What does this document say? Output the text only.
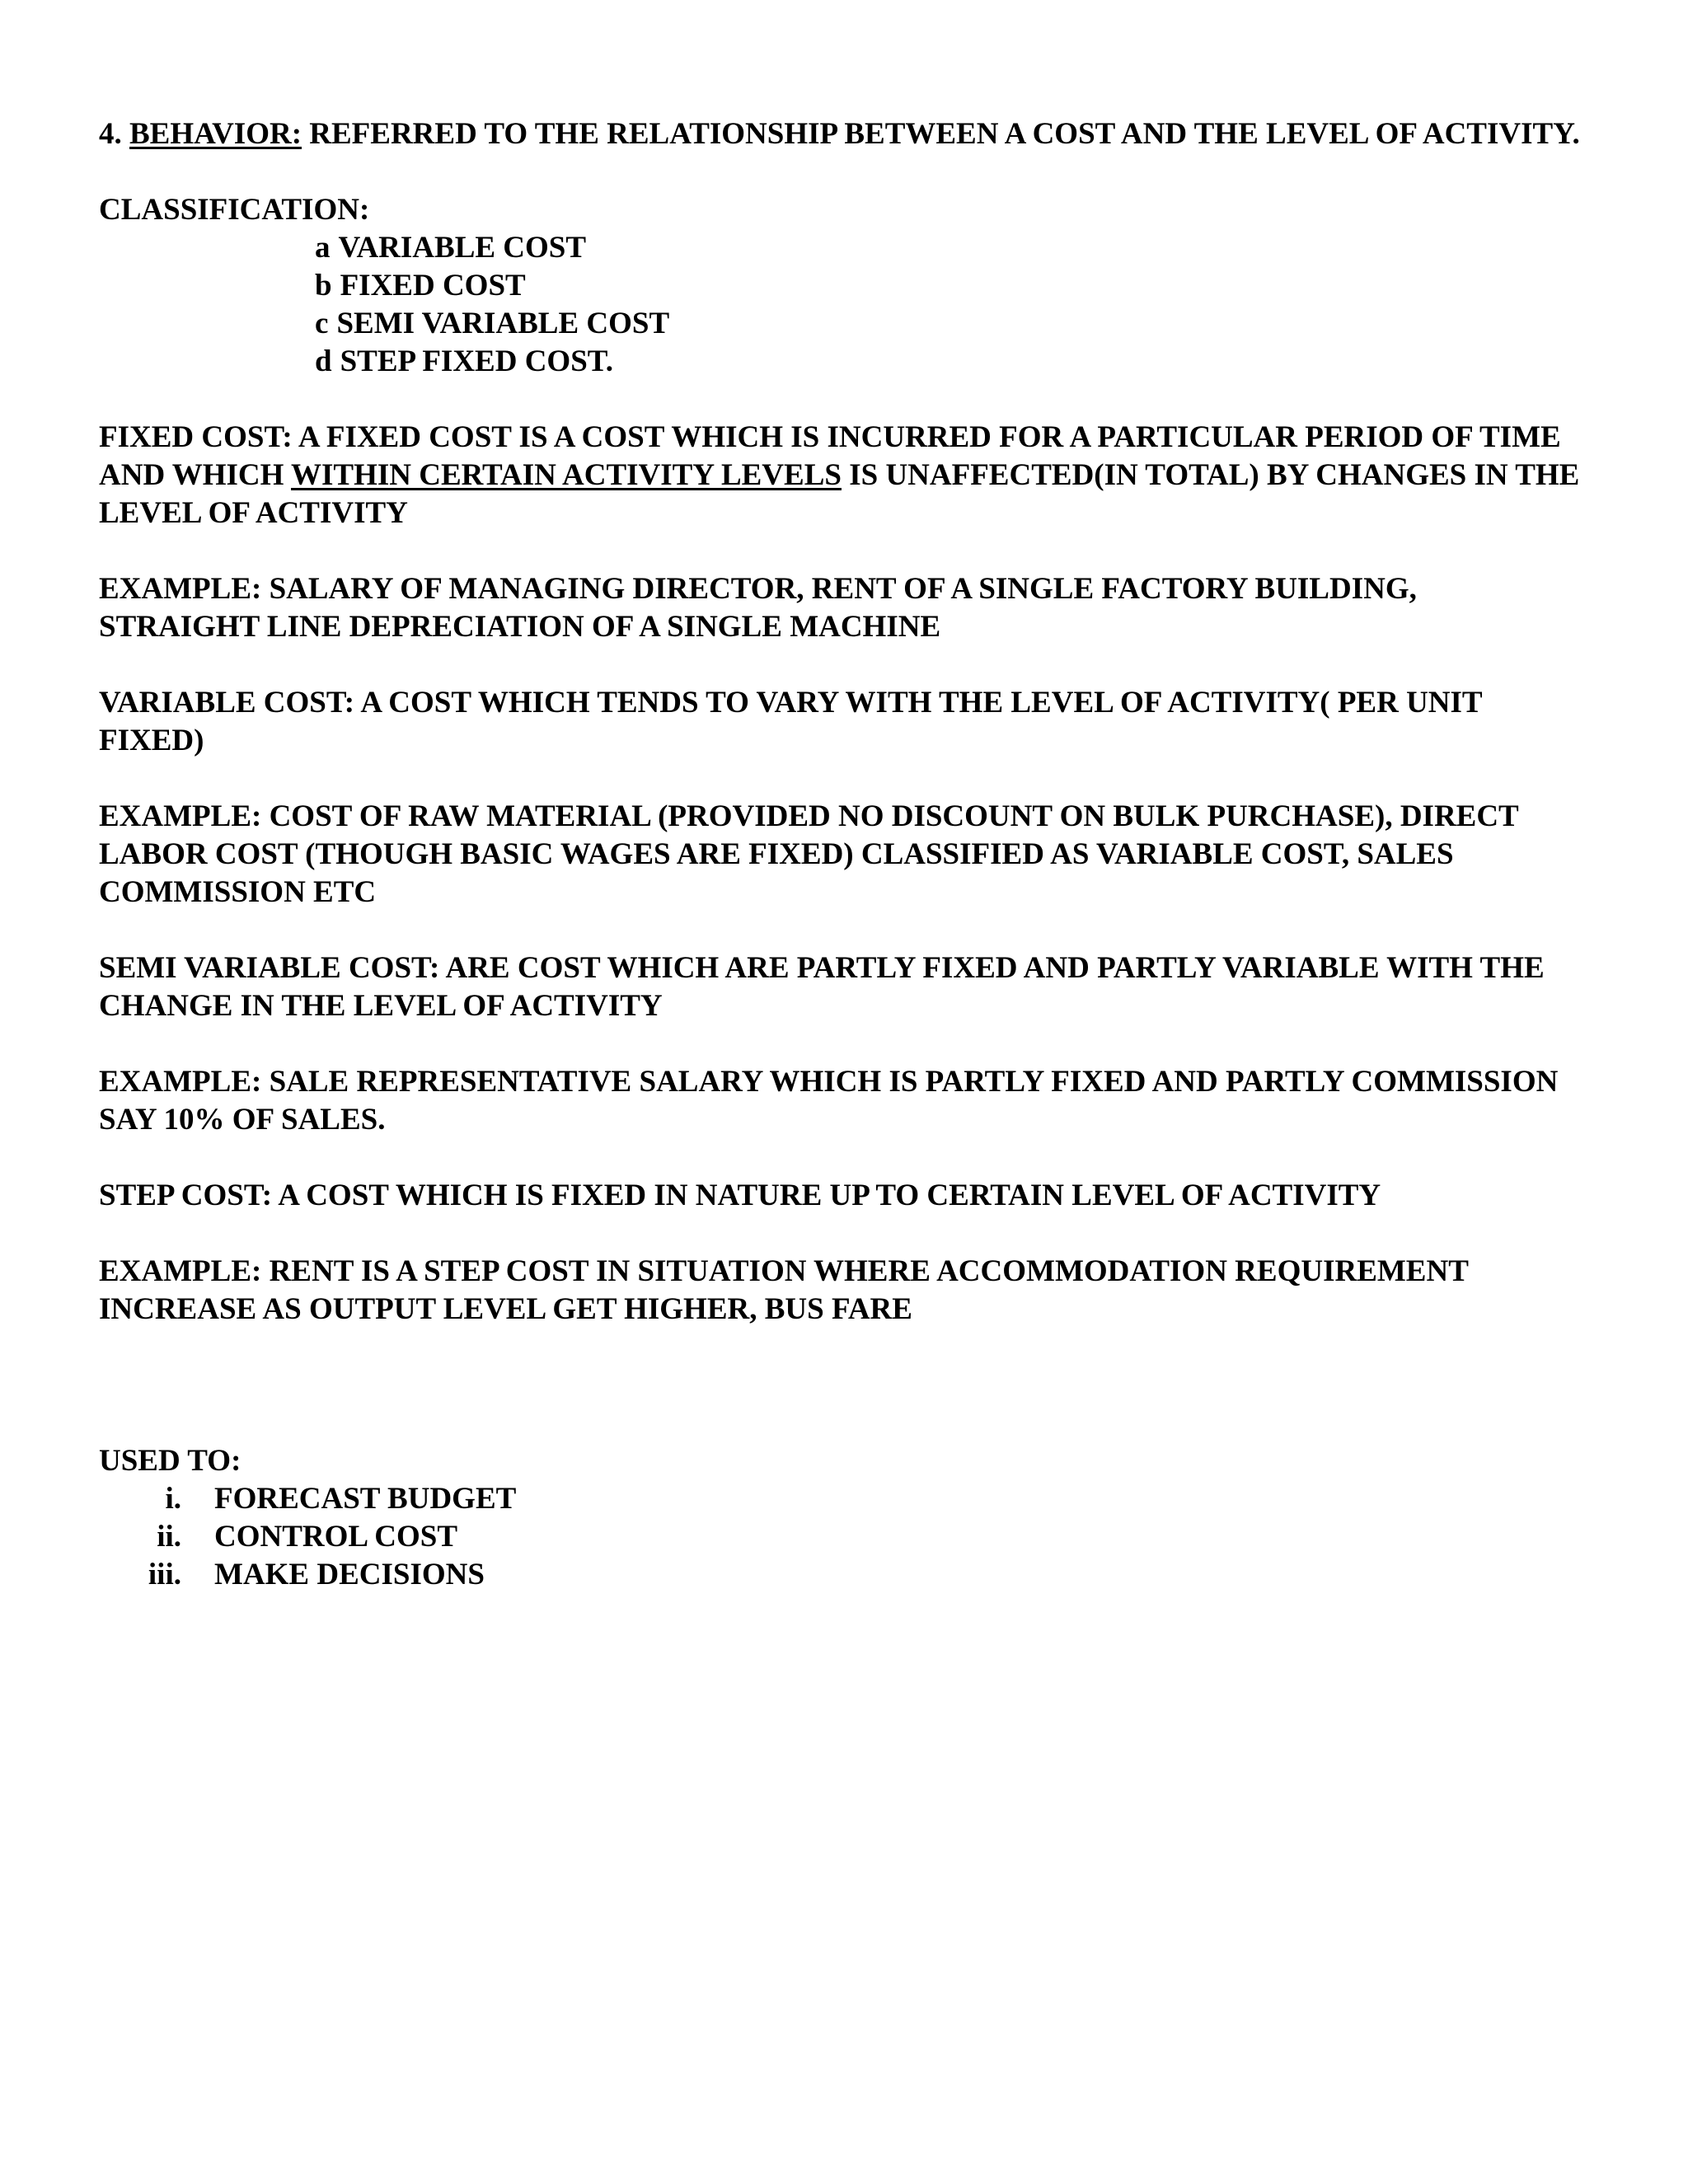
4. BEHAVIOR: REFERRED TO THE RELATIONSHIP BETWEEN A COST AND THE LEVEL OF ACTIVITY.

CLASSIFICATION:
a VARIABLE COST
b FIXED COST
c SEMI VARIABLE COST
d STEP FIXED COST.

FIXED COST: A FIXED COST IS A COST WHICH IS INCURRED FOR A PARTICULAR PERIOD OF TIME AND WHICH WITHIN CERTAIN ACTIVITY LEVELS IS UNAFFECTED(IN TOTAL) BY CHANGES IN THE LEVEL OF ACTIVITY

EXAMPLE: SALARY OF MANAGING DIRECTOR, RENT OF A SINGLE FACTORY BUILDING, STRAIGHT LINE DEPRECIATION OF A SINGLE MACHINE

VARIABLE COST: A COST WHICH TENDS TO VARY WITH THE LEVEL OF ACTIVITY( PER UNIT FIXED)

EXAMPLE: COST OF RAW MATERIAL (PROVIDED NO DISCOUNT ON BULK PURCHASE), DIRECT LABOR COST (THOUGH BASIC WAGES ARE FIXED) CLASSIFIED AS VARIABLE COST, SALES COMMISSION ETC

SEMI VARIABLE COST: ARE COST WHICH ARE PARTLY FIXED AND PARTLY VARIABLE WITH THE CHANGE IN THE LEVEL OF ACTIVITY

EXAMPLE: SALE REPRESENTATIVE SALARY WHICH IS PARTLY FIXED AND PARTLY COMMISSION SAY 10% OF SALES.

STEP COST: A COST WHICH IS FIXED IN NATURE UP TO CERTAIN LEVEL OF ACTIVITY

EXAMPLE: RENT IS A STEP COST IN SITUATION WHERE ACCOMMODATION REQUIREMENT INCREASE AS OUTPUT LEVEL GET HIGHER, BUS FARE

USED TO:
i. FORECAST BUDGET
ii. CONTROL COST
iii. MAKE DECISIONS
